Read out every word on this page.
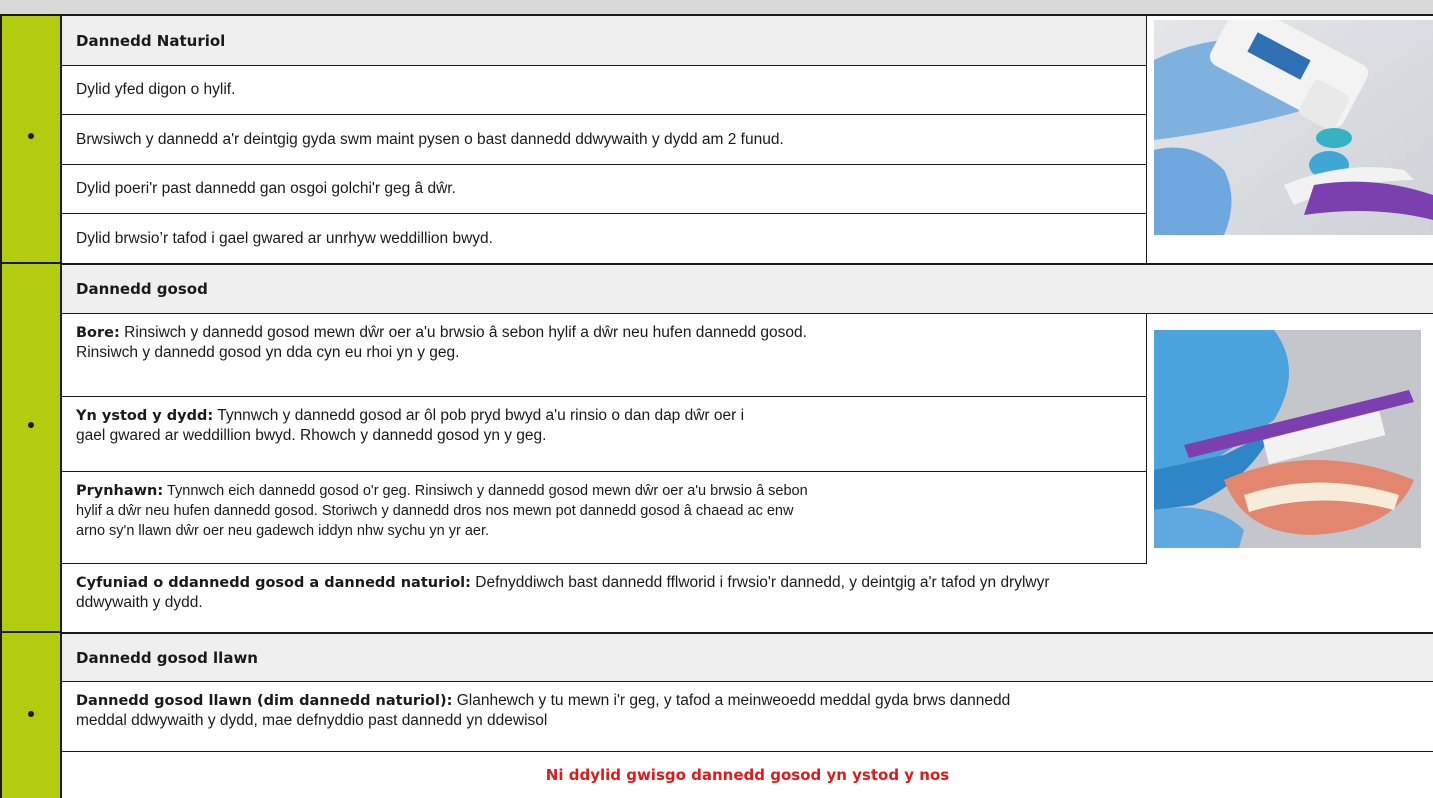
Dannedd Naturiol
Dylid yfed digon o hylif.
Brwsiwch y dannedd a'r deintgig gyda swm maint pysen o bast dannedd ddwywaith y dydd am 2 funud.
Dylid poeri'r past dannedd gan osgoi golchi'r geg â dŵr.
Dylid brwsio’r tafod i gael gwared ar unrhyw weddillion bwyd.
Dannedd gosod
Bore: Rinsiwch y dannedd gosod mewn dŵr oer a'u brwsio â sebon hylif a dŵr neu hufen dannedd gosod.
Rinsiwch y dannedd gosod yn dda cyn eu rhoi yn y geg.
Yn ystod y dydd: Tynnwch y dannedd gosod ar ôl pob pryd bwyd a'u rinsio o dan dap dŵr oer i
gael gwared ar weddillion bwyd. Rhowch y dannedd gosod yn y geg.
Prynhawn: Tynnwch eich dannedd gosod o'r geg. Rinsiwch y dannedd gosod mewn dŵr oer a'u brwsio â sebon
hylif a dŵr neu hufen dannedd gosod. Storiwch y dannedd dros nos mewn pot dannedd gosod â chaead ac enw
arno sy'n llawn dŵr oer neu gadewch iddyn nhw sychu yn yr aer.
Cyfuniad o ddannedd gosod a dannedd naturiol: Defnyddiwch bast dannedd fflworid i frwsio'r dannedd, y deintgig a'r tafod yn drylwyr
ddwywaith y dydd.
Dannedd gosod llawn
Dannedd gosod llawn (dim dannedd naturiol): Glanhewch y tu mewn i'r geg, y tafod a meinweoedd meddal gyda brws dannedd
meddal ddwywaith y dydd, mae defnyddio past dannedd yn ddewisol
Ni ddylid gwisgo dannedd gosod yn ystod y nos
